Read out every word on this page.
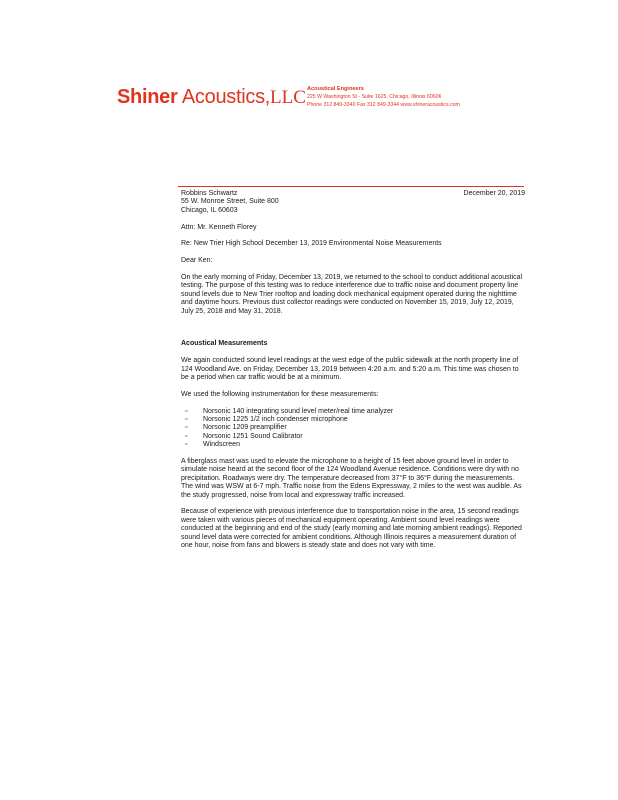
Shiner Acoustics,LLC Acoustical Engineers
225 W Washington St - Suite 1625, Chicago, Illinois 60606
Phone 312 849-3340 Fax 312 849-3344 www.shineracoustics.com
Robbins Schwartz	December 20, 2019

55 W. Monroe Street, Suite 800

Chicago, IL 60603

Attn: Mr. Kenneth Florey

Re: New Trier High School December 13, 2019 Environmental Noise Measurements

Dear Ken:

On the early morning of Friday, December 13, 2019, we returned to the school to conduct additional acoustical testing. The purpose of this testing was to reduce interference due to traffic noise and document property line sound levels due to New Trier rooftop and loading dock mechanical equipment operated during the nighttime and daytime hours. Previous dust collector readings were conducted on November 15, 2019, July 12, 2019, July 25, 2018 and May 31, 2018.

Acoustical Measurements

We again conducted sound level readings at the west edge of the public sidewalk at the north property line of 124 Woodland Ave. on Friday, December 13, 2019 between 4:20 a.m. and 5:20 a.m. This time was chosen to be a period when car traffic would be at a minimum.

We used the following instrumentation for these measurements:

▫ Norsonic 140 integrating sound level meter/real time analyzer
▫ Norsonic 1225 1/2 inch condenser microphone
▫ Norsonic 1209 preamplifier
▫ Norsonic 1251 Sound Calibrator
▫ Windscreen

A fiberglass mast was used to elevate the microphone to a height of 15 feet above ground level in order to simulate noise heard at the second floor of the 124 Woodland Avenue residence. Conditions were dry with no precipitation. Roadways were dry. The temperature decreased from 37°F to 36°F during the measurements. The wind was WSW at 6-7 mph. Traffic noise from the Edens Expressway, 2 miles to the west was audible. As the study progressed, noise from local and expressway traffic increased.

Because of experience with previous interference due to transportation noise in the area, 15 second readings were taken with various pieces of mechanical equipment operating. Ambient sound level readings were conducted at the beginning and end of the study (early morning and late morning ambient readings). Reported sound level data were corrected for ambient conditions. Although Illinois requires a measurement duration of one hour, noise from fans and blowers is steady state and does not vary with time.
